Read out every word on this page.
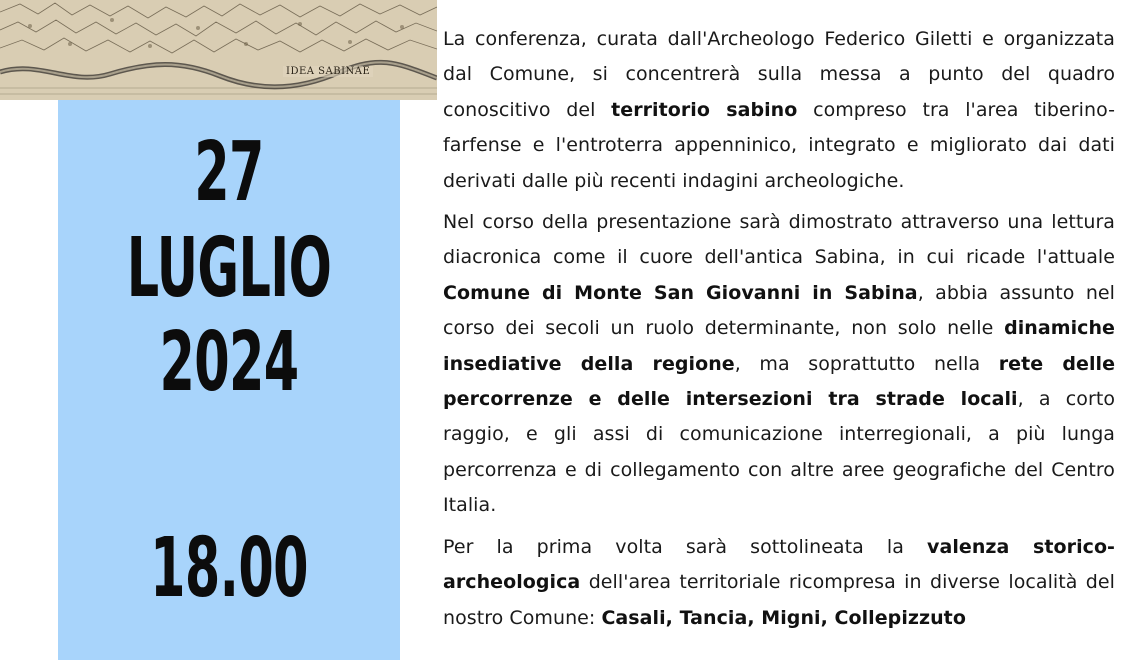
IDEA SABINAE
27
LUGLIO
2024
18.00

La conferenza, curata dall'Archeologo Federico Giletti e organizzata dal Comune, si concentrerà sulla messa a punto del quadro conoscitivo del territorio sabino compreso tra l'area tiberino-farfense e l'entroterra appenninico, integrato e migliorato dai dati derivati dalle più recenti indagini archeologiche.

Nel corso della presentazione sarà dimostrato attraverso una lettura diacronica come il cuore dell'antica Sabina, in cui ricade l'attuale Comune di Monte San Giovanni in Sabina, abbia assunto nel corso dei secoli un ruolo determinante, non solo nelle dinamiche insediative della regione, ma soprattutto nella rete delle percorrenze e delle intersezioni tra strade locali, a corto raggio, e gli assi di comunicazione interregionali, a più lunga percorrenza e di collegamento con altre aree geografiche del Centro Italia.

Per la prima volta sarà sottolineata la valenza storico-archeologica dell'area territoriale ricompresa in diverse località del nostro Comune: Casali, Tancia, Migni, Collepizzuto
